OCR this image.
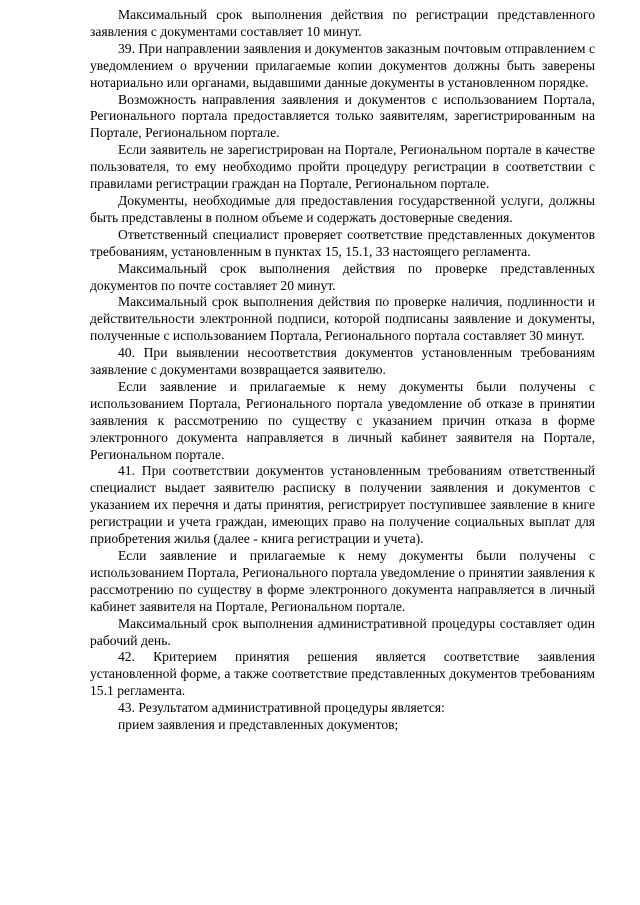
Максимальный срок выполнения действия по регистрации представленного заявления с документами составляет 10 минут.

39. При направлении заявления и документов заказным почтовым отправлением с уведомлением о вручении прилагаемые копии документов должны быть заверены нотариально или органами, выдавшими данные документы в установленном порядке.

Возможность направления заявления и документов с использованием Портала, Регионального портала предоставляется только заявителям, зарегистрированным на Портале, Региональном портале.

Если заявитель не зарегистрирован на Портале, Региональном портале в качестве пользователя, то ему необходимо пройти процедуру регистрации в соответствии с правилами регистрации граждан на Портале, Региональном портале.

Документы, необходимые для предоставления государственной услуги, должны быть представлены в полном объеме и содержать достоверные сведения.

Ответственный специалист проверяет соответствие представленных документов требованиям, установленным в пунктах 15, 15.1, 33 настоящего регламента.

Максимальный срок выполнения действия по проверке представленных документов по почте составляет 20 минут.

Максимальный срок выполнения действия по проверке наличия, подлинности и действительности электронной подписи, которой подписаны заявление и документы, полученные с использованием Портала, Регионального портала составляет 30 минут.

40. При выявлении несоответствия документов установленным требованиям заявление с документами возвращается заявителю.

Если заявление и прилагаемые к нему документы были получены с использованием Портала, Регионального портала уведомление об отказе в принятии заявления к рассмотрению по существу с указанием причин отказа в форме электронного документа направляется в личный кабинет заявителя на Портале, Региональном портале.

41. При соответствии документов установленным требованиям ответственный специалист выдает заявителю расписку в получении заявления и документов с указанием их перечня и даты принятия, регистрирует поступившее заявление в книге регистрации и учета граждан, имеющих право на получение социальных выплат для приобретения жилья (далее - книга регистрации и учета).

Если заявление и прилагаемые к нему документы были получены с использованием Портала, Регионального портала уведомление о принятии заявления к рассмотрению по существу в форме электронного документа направляется в личный кабинет заявителя на Портале, Региональном портале.

Максимальный срок выполнения административной процедуры составляет один рабочий день.

42. Критерием принятия решения является соответствие заявления установленной форме, а также соответствие представленных документов требованиям 15.1 регламента.

43. Результатом административной процедуры является:

прием заявления и представленных документов;
